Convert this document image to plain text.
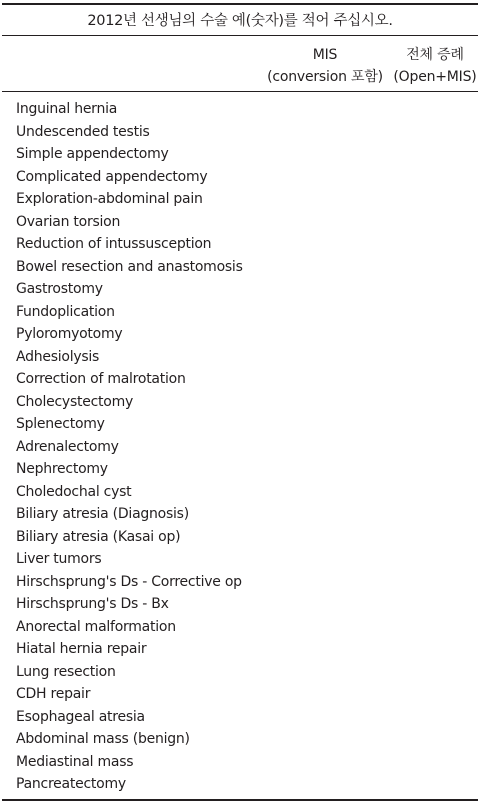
2012년 선생님의 수술 예(숫자)를 적어 주십시오.
MIS
(conversion 포함)
전체 증례
(Open+MIS)
Inguinal hernia
Undescended testis
Simple appendectomy
Complicated appendectomy
Exploration-abdominal pain
Ovarian torsion
Reduction of intussusception
Bowel resection and anastomosis
Gastrostomy
Fundoplication
Pyloromyotomy
Adhesiolysis
Correction of malrotation
Cholecystectomy
Splenectomy
Adrenalectomy
Nephrectomy
Choledochal cyst
Biliary atresia (Diagnosis)
Biliary atresia (Kasai op)
Liver tumors
Hirschsprung's Ds - Corrective op
Hirschsprung's Ds - Bx
Anorectal malformation
Hiatal hernia repair
Lung resection
CDH repair
Esophageal atresia
Abdominal mass (benign)
Mediastinal mass
Pancreatectomy
